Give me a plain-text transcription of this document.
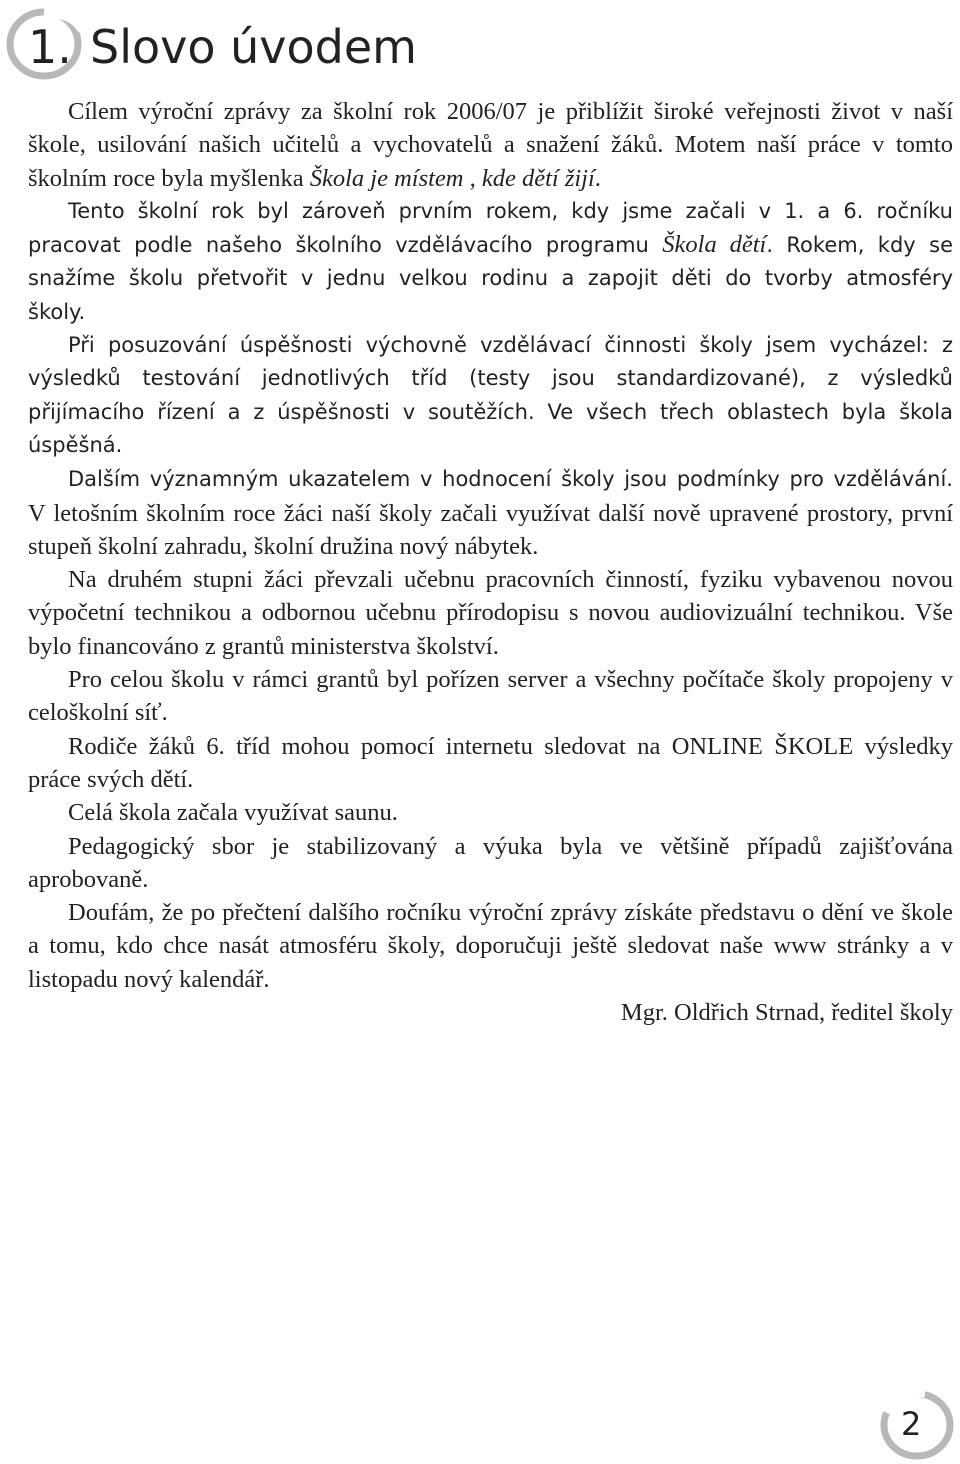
1. Slovo úvodem

Cílem výroční zprávy za školní rok 2006/07 je přiblížit široké veřejnosti život v naší škole, usilování našich učitelů a vychovatelů a snažení žáků. Motem naší práce v tomto školním roce byla myšlenka Škola je místem , kde dětí žijí.

Tento školní rok byl zároveň prvním rokem, kdy jsme začali v 1. a 6. ročníku pracovat podle našeho školního vzdělávacího programu Škola dětí. Rokem, kdy se snažíme školu přetvořit v jednu velkou rodinu a zapojit děti do tvorby atmosféry školy.

Při posuzování úspěšnosti výchovně vzdělávací činnosti školy jsem vycházel: z výsledků testování jednotlivých tříd (testy jsou standardizované), z výsledků přijímacího řízení a z úspěšnosti v soutěžích. Ve všech třech oblastech byla škola úspěšná.

Dalším významným ukazatelem v hodnocení školy jsou podmínky pro vzdělávání. V letošním školním roce žáci naší školy začali využívat další nově upravené prostory, první stupeň školní zahradu, školní družina nový nábytek.

Na druhém stupni žáci převzali učebnu pracovních činností, fyziku vybavenou novou výpočetní technikou a odbornou učebnu přírodopisu s novou audiovizuální technikou. Vše bylo financováno z grantů ministerstva školství.

Pro celou školu v rámci grantů byl pořízen server a všechny počítače školy propojeny v celoškolní síť.

Rodiče žáků 6. tříd mohou pomocí internetu sledovat na ONLINE ŠKOLE výsledky práce svých dětí.

Celá škola začala využívat saunu.

Pedagogický sbor je stabilizovaný a výuka byla ve většině případů zajišťována aprobovaně.

Doufám, že po přečtení dalšího ročníku výroční zprávy získáte představu o dění ve škole a tomu, kdo chce nasát atmosféru školy, doporučuji ještě sledovat naše www stránky a v listopadu nový kalendář.

Mgr. Oldřich Strnad, ředitel školy

2
